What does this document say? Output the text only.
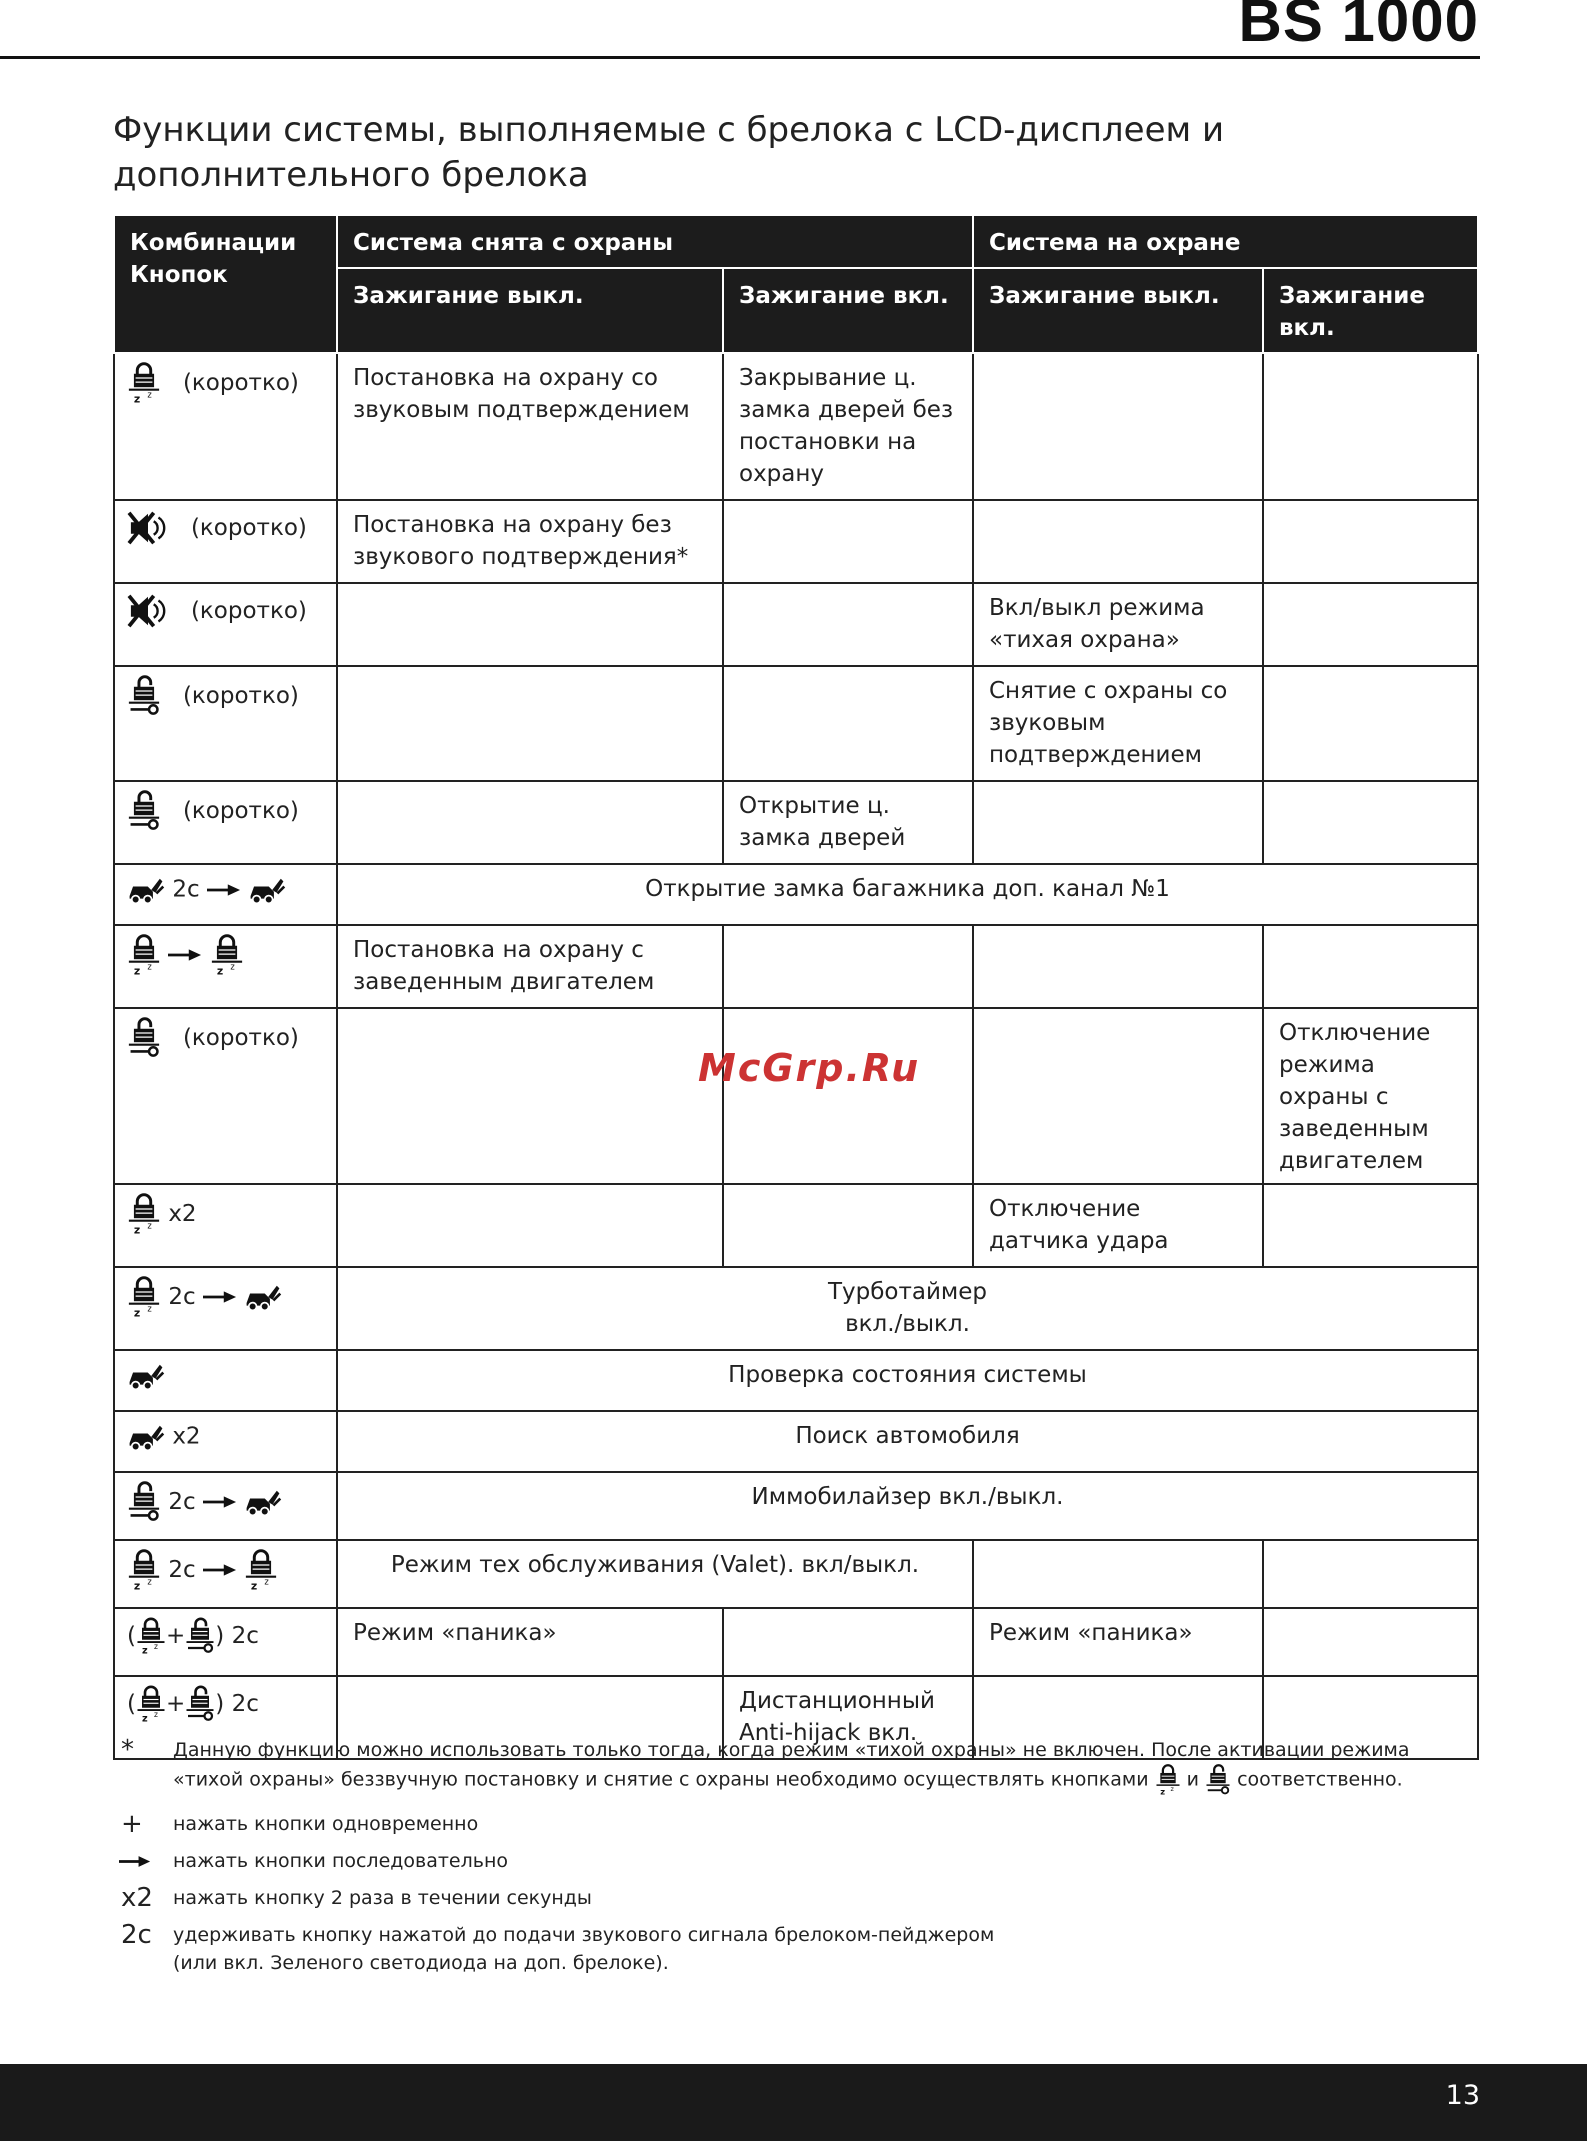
BS 1000
Функции системы, выполняемые с брелока с LCD-дисплеем и дополнительного брелока
Комбинации Кнопок	Система снята с охраны		Система на охране	
	Зажигание выкл.	Зажигание вкл.	Зажигание выкл.	Зажигание вкл.
(коротко)	Постановка на охрану со звуковым подтверждением	Закрывание ц. замка дверей без постановки на охрану		
(коротко)	Постановка на охрану без звукового подтверждения*			
(коротко)			Вкл/выкл режима «тихая охрана»	
(коротко)			Снятие с охраны со звуковым подтверждением	
(коротко)		Открытие ц. замка дверей		
2с	Открытие замка багажника доп. канал №1			
	Постановка на охрану с заведенным двигателем			
(коротко)				Отключение режима охраны с заведенным двигателем
x2			Отключение датчика удара	
2с	Турботаймер вкл./выкл.			

	Проверка состояния системы			
x2	Поиск автомобиля			
2с	Иммобилайзер вкл./выкл.			
2с	Режим тех обслуживания (Valet). вкл/выкл.			
( + ) 2с	Режим «паника»		Режим «паника»	
( + ) 2с		Дистанционный Anti-hijack вкл.		
McGrp.Ru
* Данную функцию можно использовать только тогда, когда режим «тихой охраны» не включен. После активации режима «тихой охраны» беззвучную постановку и снятие с охраны необходимо осуществлять кнопками и соответственно.
+ нажать кнопки одновременно
нажать кнопки последовательно
x2 нажать кнопку 2 раза в течении секунды
2с удерживать кнопку нажатой до подачи звукового сигнала брелоком-пейджером (или вкл. Зеленого светодиода на доп. брелоке).
13
